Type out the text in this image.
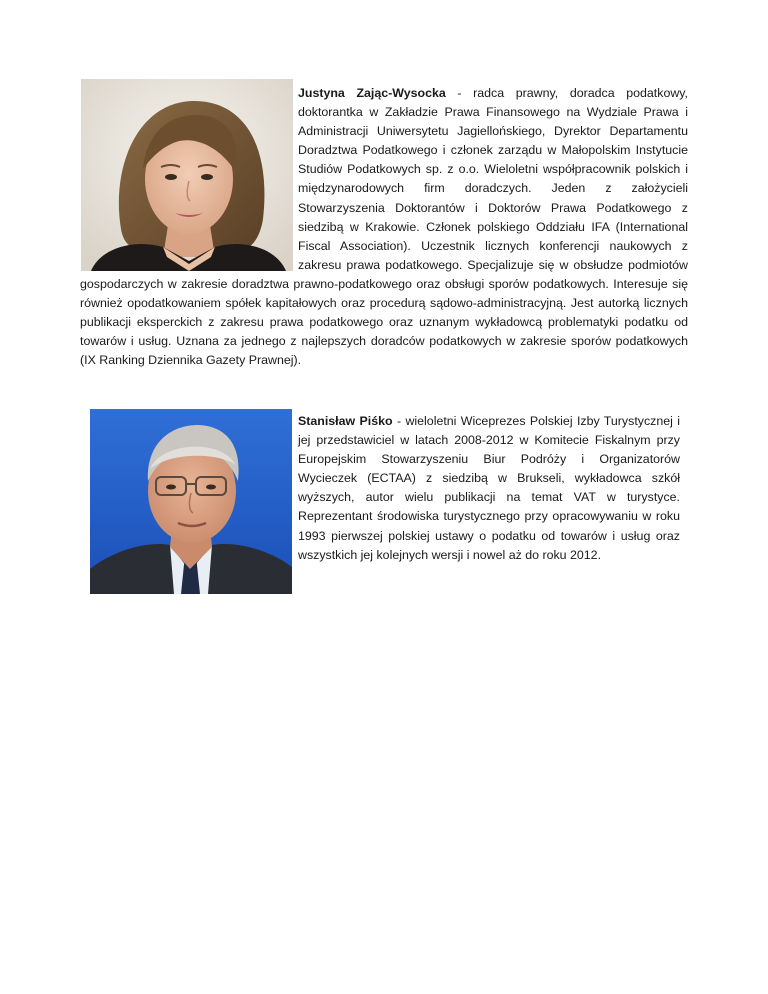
Justyna Zając-Wysocka - radca prawny, doradca podatkowy, doktorantka w Zakładzie Prawa Finansowego na Wydziale Prawa i Administracji Uniwersytetu Jagiellońskiego, Dyrektor Departamentu Doradztwa Podatkowego i członek zarządu w Małopolskim Instytucie Studiów Podatkowych sp. z o.o. Wieloletni współpracownik polskich i międzynarodowych firm doradczych. Jeden z założycieli Stowarzyszenia Doktorantów i Doktorów Prawa Podatkowego z siedzibą w Krakowie. Członek polskiego Oddziału IFA (International Fiscal Association). Uczestnik licznych konferencji naukowych z zakresu prawa podatkowego. Specjalizuje się w obsłudze podmiotów gospodarczych w zakresie doradztwa prawno-podatkowego oraz obsługi sporów podatkowych. Interesuje się również opodatkowaniem spółek kapitałowych oraz procedurą sądowo-administracyjną. Jest autorką licznych publikacji eksperckich z zakresu prawa podatkowego oraz uznanym wykładowcą problematyki podatku od towarów i usług. Uznana za jednego z najlepszych doradców podatkowych w zakresie sporów podatkowych (IX Ranking Dziennika Gazety Prawnej).
Stanisław Piśko - wieloletni Wiceprezes Polskiej Izby Turystycznej i jej przedstawiciel w latach 2008-2012 w Komitecie Fiskalnym przy Europejskim Stowarzyszeniu Biur Podróży i Organizatorów Wycieczek (ECTAA) z siedzibą w Brukseli, wykładowca szkół wyższych, autor wielu publikacji na temat VAT w turystyce. Reprezentant środowiska turystycznego przy opracowywaniu w roku 1993 pierwszej polskiej ustawy o podatku od towarów i usług oraz wszystkich jej kolejnych wersji i nowel aż do roku 2012.
